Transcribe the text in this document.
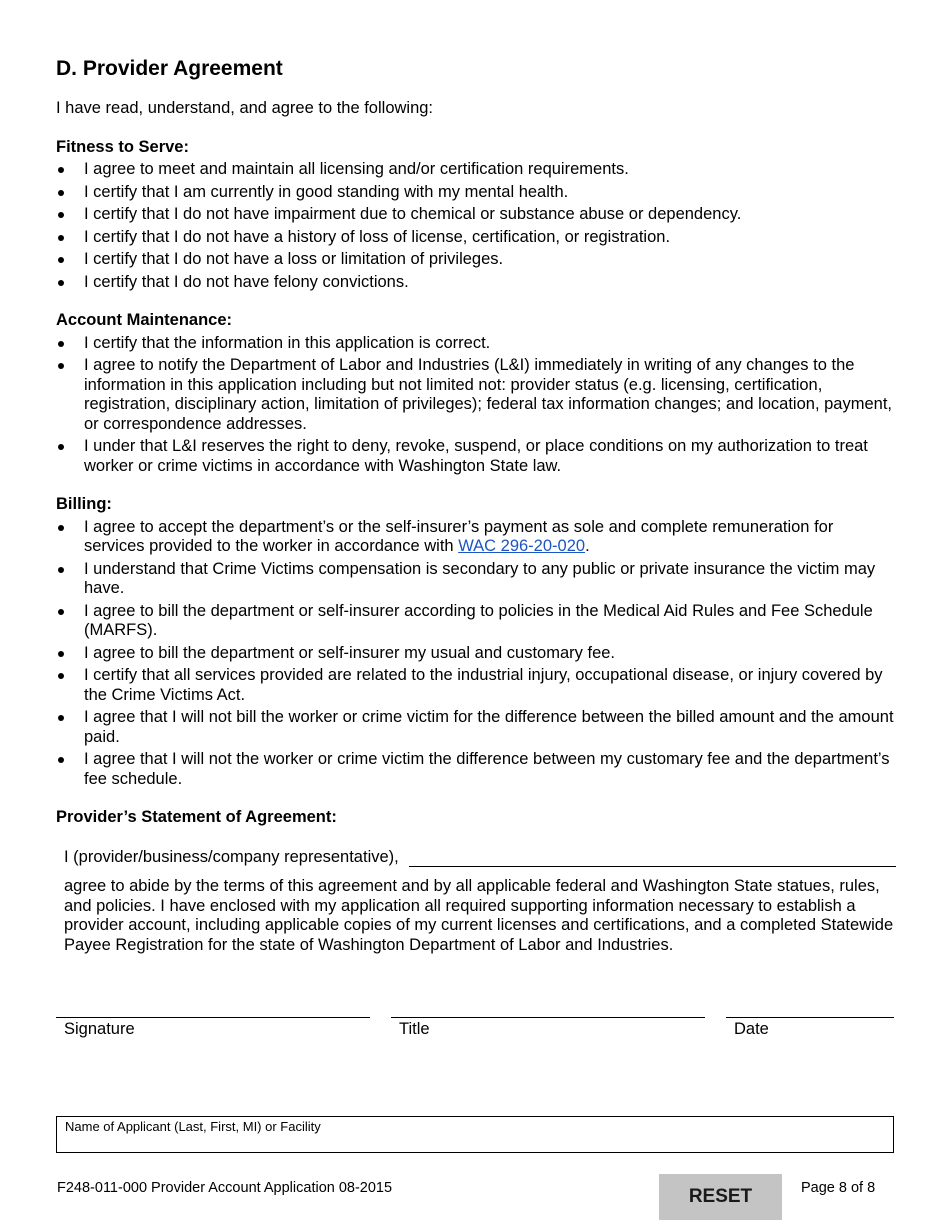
D. Provider Agreement
I have read, understand, and agree to the following:
Fitness to Serve:
I agree to meet and maintain all licensing and/or certification requirements.
I certify that I am currently in good standing with my mental health.
I certify that I do not have impairment due to chemical or substance abuse or dependency.
I certify that I do not have a history of loss of license, certification, or registration.
I certify that I do not have a loss or limitation of privileges.
I certify that I do not have felony convictions.
Account Maintenance:
I certify that the information in this application is correct.
I agree to notify the Department of Labor and Industries (L&I) immediately in writing of any changes to the information in this application including but not limited not: provider status (e.g. licensing, certification, registration, disciplinary action, limitation of privileges); federal tax information changes; and location, payment, or correspondence addresses.
I under that L&I reserves the right to deny, revoke, suspend, or place conditions on my authorization to treat worker or crime victims in accordance with Washington State law.
Billing:
I agree to accept the department’s or the self-insurer’s payment as sole and complete remuneration for services provided to the worker in accordance with WAC 296-20-020.
I understand that Crime Victims compensation is secondary to any public or private insurance the victim may have.
I agree to bill the department or self-insurer according to policies in the Medical Aid Rules and Fee Schedule (MARFS).
I agree to bill the department or self-insurer my usual and customary fee.
I certify that all services provided are related to the industrial injury, occupational disease, or injury covered by the Crime Victims Act.
I agree that I will not bill the worker or crime victim for the difference between the billed amount and the amount paid.
I agree that I will not the worker or crime victim the difference between my customary fee and the department’s fee schedule.
Provider’s Statement of Agreement:
I (provider/business/company representative),
agree to abide by the terms of this agreement and by all applicable federal and Washington State statues, rules, and policies. I have enclosed with my application all required supporting information necessary to establish a provider account, including applicable copies of my current licenses and certifications, and a completed Statewide Payee Registration for the state of Washington Department of Labor and Industries.
Signature	Title	Date
Name of Applicant (Last, First, MI) or Facility
F248-011-000 Provider Account Application 08-2015	RESET	Page 8 of 8
